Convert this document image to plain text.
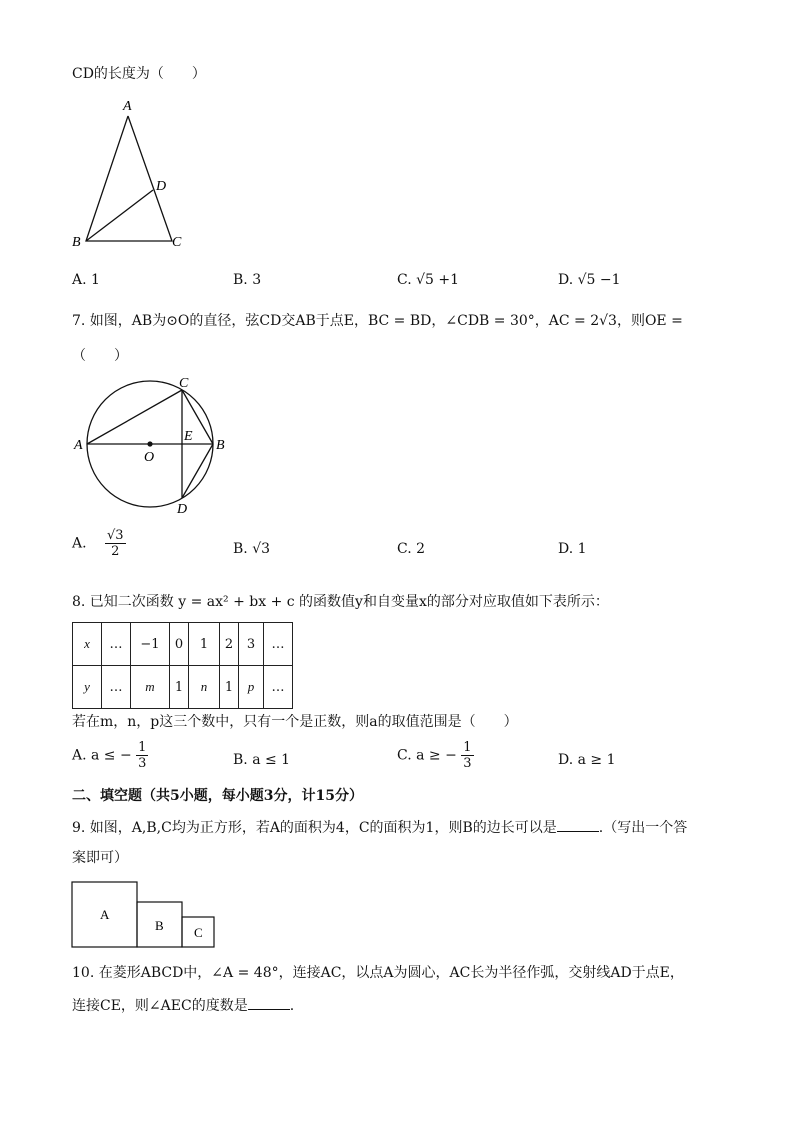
CD的长度为（　　）
A
D
B	C
A. 1	B. 3	C. √5 +1	D. √5 −1
7. 如图，AB为⊙O的直径，弦CD交AB于点E，BC = BD，∠CDB = 30°，AC = 2√3，则OE =
（　　）
C
A	B
E
O
D
A. $\frac{√3}{2}$	B. √3	C. 2	D. 1
8. 已知二次函数 y = ax² + bx + c 的函数值y和自变量x的部分对应取值如下表所示：
x	…	−1	0	1	2	3	…
y	…	m	1	n	1	p	…
若在m，n，p这三个数中，只有一个是正数，则a的取值范围是（　　）
A. a ≤ − $\frac{1}{3}$	B. a ≤ 1	C. a ≥ − $\frac{1}{3}$	D. a ≥ 1
二、填空题（共5小题，每小题3分，计15分）
9. 如图，A,B,C均为正方形，若A的面积为4，C的面积为1，则B的边长可以是	.（写出一个答
案即可）
A
B C
10. 在菱形ABCD中，∠A = 48°，连接AC，以点A为圆心，AC长为半径作弧，交射线AD于点E，
连接CE，则∠AEC的度数是	.
